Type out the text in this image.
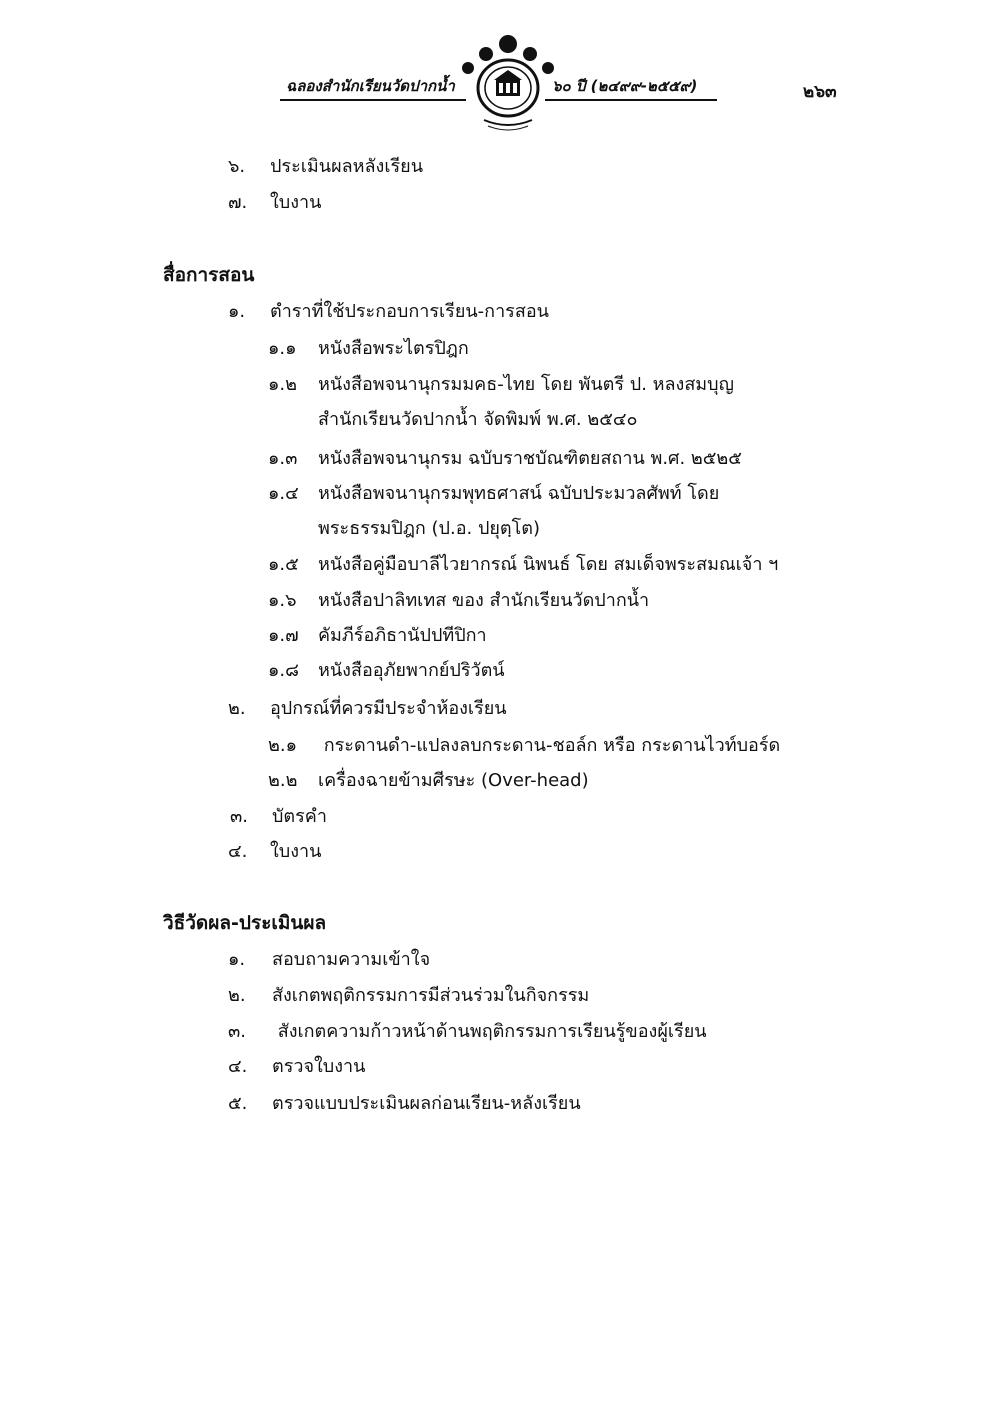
ฉลองสำนักเรียนวัดปากน้ำ	๖๐ ปี (๒๔๙๙-๒๕๕๙)	๒๖๓
๖. ประเมินผลหลังเรียน
๗. ใบงาน
สื่อการสอน
๑. ตำราที่ใช้ประกอบการเรียน-การสอน
๑.๑ หนังสือพระไตรปิฎก
๑.๒ หนังสือพจนานุกรมมคธ-ไทย โดย พันตรี ป. หลงสมบุญ
สำนักเรียนวัดปากน้ำ จัดพิมพ์ พ.ศ. ๒๕๔๐
๑.๓ หนังสือพจนานุกรม ฉบับราชบัณฑิตยสถาน พ.ศ. ๒๕๒๕
๑.๔ หนังสือพจนานุกรมพุทธศาสน์ ฉบับประมวลศัพท์ โดย
พระธรรมปิฎก (ป.อ. ปยุตฺโต)
๑.๕ หนังสือคู่มือบาลีไวยากรณ์ นิพนธ์ โดย สมเด็จพระสมณเจ้า ฯ
๑.๖ หนังสือปาลิทเทส ของ สำนักเรียนวัดปากน้ำ
๑.๗ คัมภีร์อภิธานัปปทีปิกา
๑.๘ หนังสืออุภัยพากย์ปริวัตน์
๒. อุปกรณ์ที่ควรมีประจำห้องเรียน
๒.๑ กระดานดำ-แปลงลบกระดาน-ชอล์ก หรือ กระดานไวท์บอร์ด
๒.๒ เครื่องฉายข้ามศีรษะ (Over-head)
๓. บัตรคำ
๔. ใบงาน
วิธีวัดผล-ประเมินผล
๑. สอบถามความเข้าใจ
๒. สังเกตพฤติกรรมการมีส่วนร่วมในกิจกรรม
๓. สังเกตความก้าวหน้าด้านพฤติกรรมการเรียนรู้ของผู้เรียน
๔. ตรวจใบงาน
๕. ตรวจแบบประเมินผลก่อนเรียน-หลังเรียน
